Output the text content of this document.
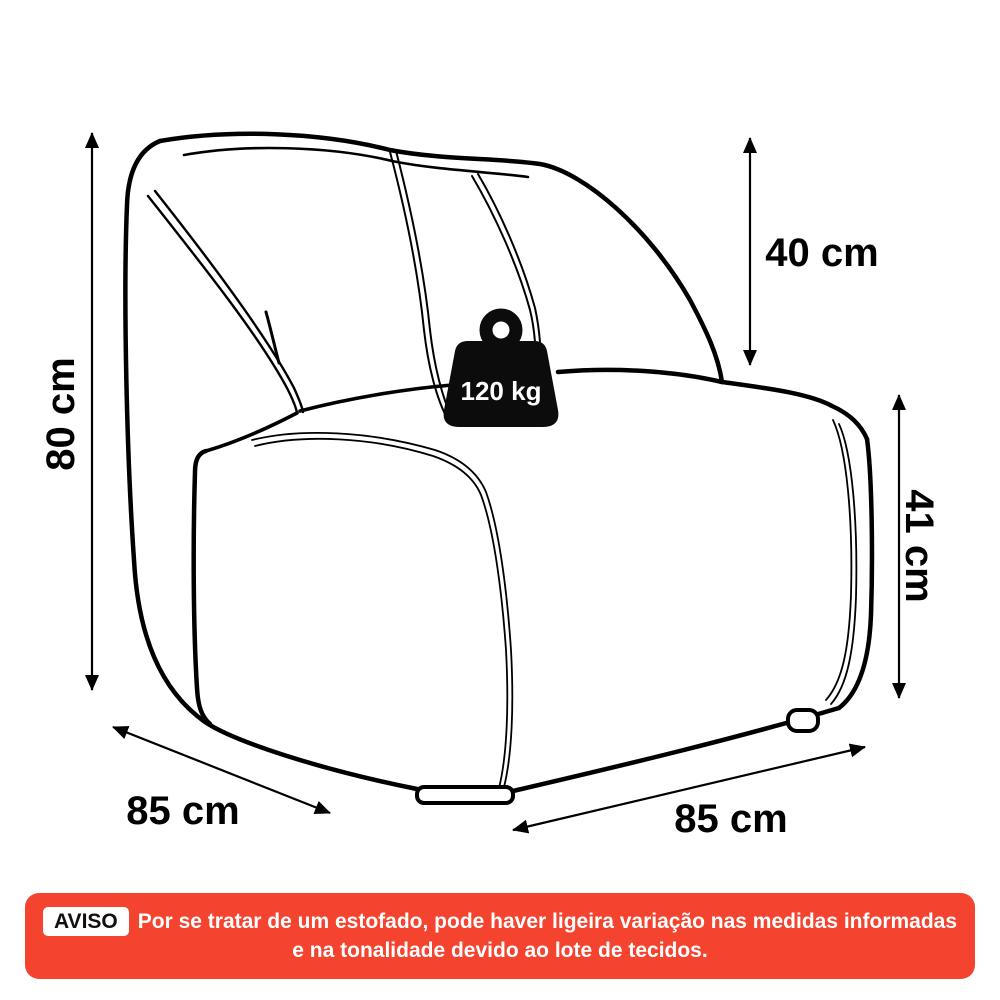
120 kg
80 cm
40 cm
41 cm
85 cm	85 cm
AVISO Por se tratar de um estofado, pode haver ligeira variação nas medidas informadas
e na tonalidade devido ao lote de tecidos.
